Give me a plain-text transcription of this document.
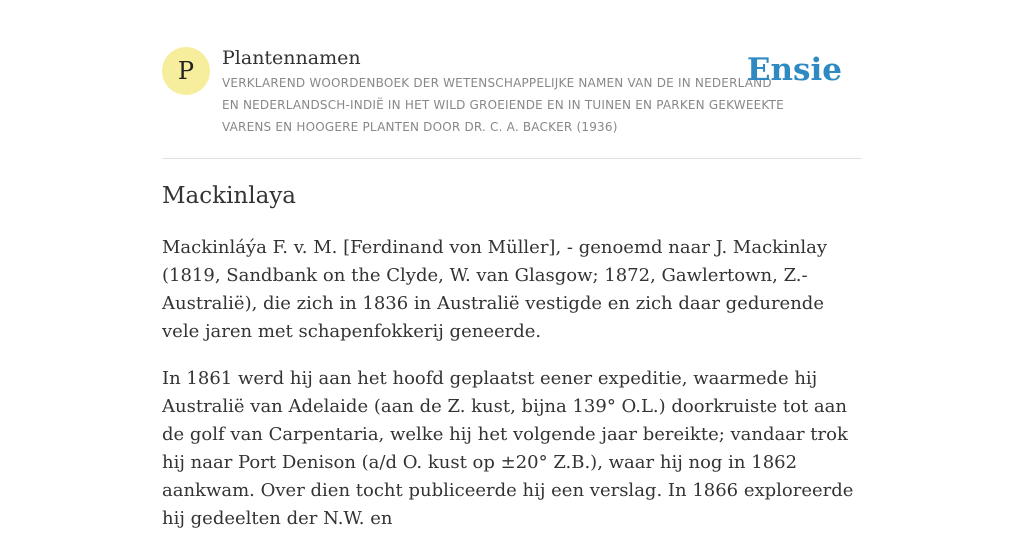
P	Plantennamen
VERKLAREND WOORDENBOEK DER WETENSCHAPPELIJKE NAMEN VAN DE IN NEDERLAND EN NEDERLANDSCH-INDIË IN HET WILD GROEIENDE EN IN TUINEN EN PARKEN GEKWEEKTE VARENS EN HOOGERE PLANTEN DOOR DR. C. A. BACKER (1936)
Ensie
Mackinlaya

Mackinláýa F. v. M. [Ferdinand von Müller], - genoemd naar J. Mackinlay (1819, Sandbank on the Clyde, W. van Glasgow; 1872, Gawlertown, Z.-Australië), die zich in 1836 in Australië vestigde en zich daar gedurende vele jaren met schapenfokkerij geneerde.

In 1861 werd hij aan het hoofd geplaatst eener expeditie, waarmede hij Australië van Adelaide (aan de Z. kust, bijna 139° O.L.) doorkruiste tot aan de golf van Carpentaria, welke hij het volgende jaar bereikte; vandaar trok hij naar Port Denison (a/d O. kust op ±20° Z.B.), waar hij nog in 1862 aankwam. Over dien tocht publiceerde hij een verslag. In 1866 exploreerde hij gedeelten der N.W. en
